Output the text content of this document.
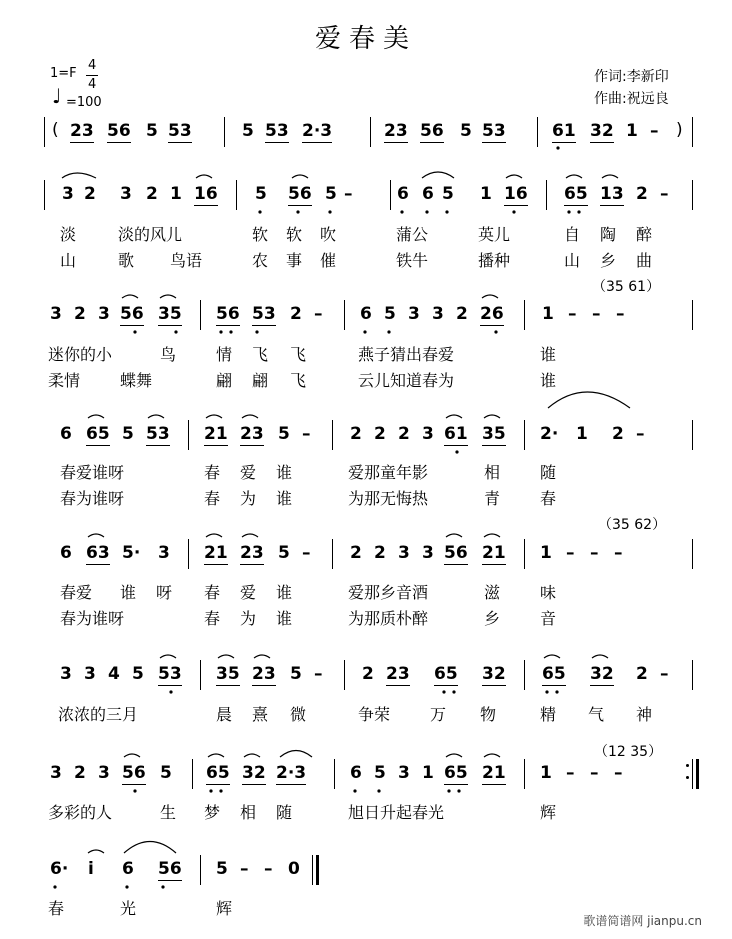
爱春美
1=F
4
4
♩ =100
作词:李新印
作曲:祝远良
( 23 56 5 53	5 53 2·3	23 56 5 53	61 32 1 – )
3 2 3 2 1 16 5 56 5 –	6 6 5 1 16 65 13 2 –
淡	淡的风儿	软 软 吹	蒲公	英儿	自 陶 醉
山	歌 鸟语	农 事 催	铁牛	播种	山 乡 曲
（35 61）
3 2 3 56 35 56 53 2 – 6 5 3 3 2 26 1 – – –
迷你的小	鸟 情 飞 飞	燕子猜出春爱	谁
柔情 蝶舞	翩 翩 飞	云儿知道春为	谁
6 65 5 53 21 23 5 – 2 2 2 3 61 35 2· 1 2 –
春爱谁呀	春 爱 谁	爱那童年影	相 随
春为谁呀	春 为 谁	为那无悔热	青 春
（35 62）
6 63 5· 3 21 23 5 – 2 2 3 3 56 21 1 – – –
春爱 谁 呀 春 爱 谁	爱那乡音酒	滋 味
春为谁呀	春 为 谁	为那质朴醉	乡 音
3 3 4 5 53 35 23 5 – 2 23 65 32 65 32 2 –
浓浓的三月	晨 熹 微	争荣 万 物	精 气 神
（12 35）
3 2 3 56 5 65 32 2·3	6 5 3 1 65 21 1 – – –
多彩的人	生 梦 相 随	旭日升起春光	辉
6· i 6 56 5 – – 0
春	光	辉
歌谱简谱网 jianpu.cn
